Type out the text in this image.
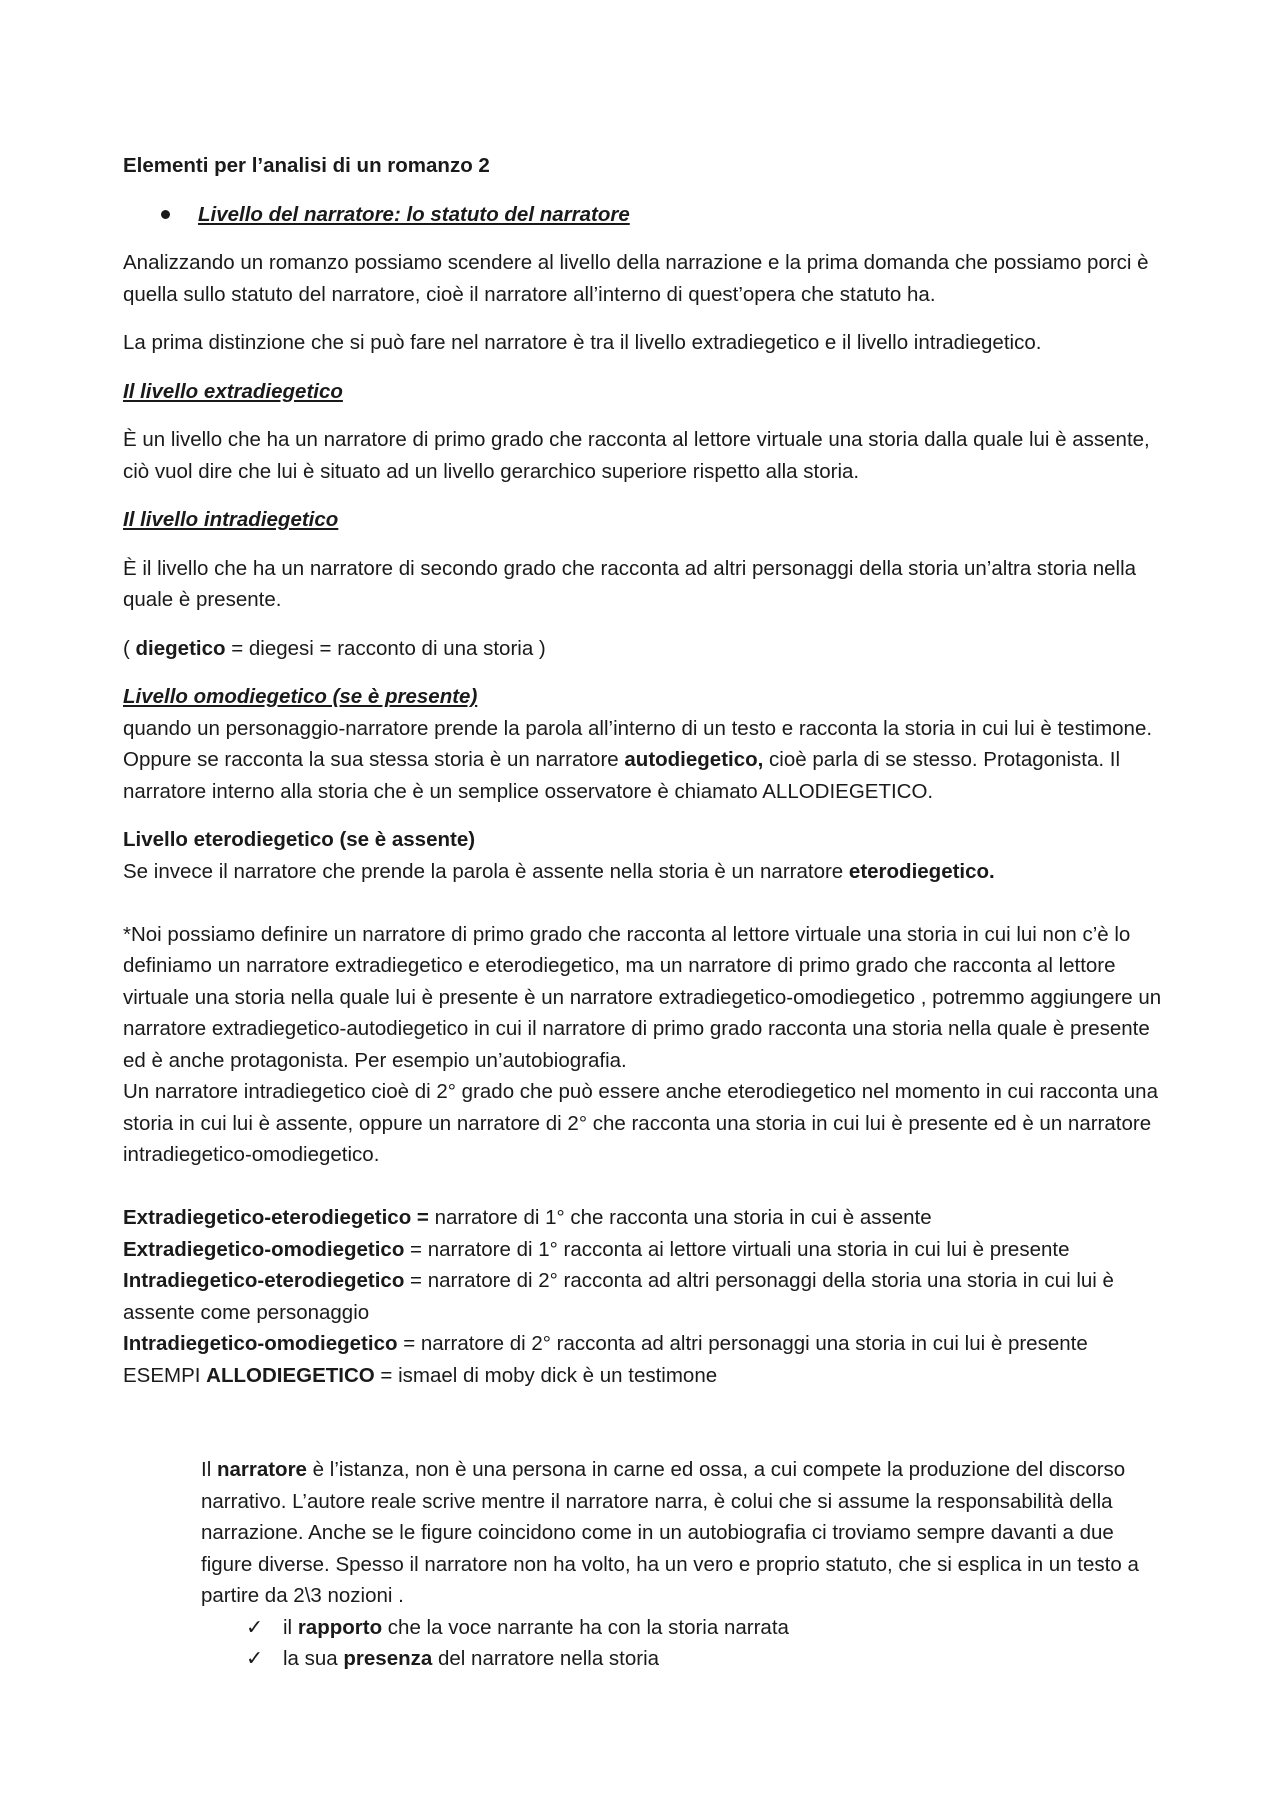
Elementi per l’analisi di un romanzo 2

Livello del narratore: lo statuto del narratore

Analizzando un romanzo possiamo scendere al livello della narrazione e la prima domanda che possiamo porci è quella sullo statuto del narratore, cioè il narratore all’interno di quest’opera che statuto ha.

La prima distinzione che si può fare nel narratore è tra il livello extradiegetico e il livello intradiegetico.

Il livello extradiegetico

È un livello che ha un narratore di primo grado che racconta al lettore virtuale una storia dalla quale lui è assente, ciò vuol dire che lui è situato ad un livello gerarchico superiore rispetto alla storia.

Il livello intradiegetico

È il livello che ha un narratore di secondo grado che racconta ad altri personaggi della storia un’altra storia nella quale è presente.

( diegetico = diegesi = racconto di una storia )

Livello omodiegetico (se è presente)

quando un personaggio-narratore prende la parola all’interno di un testo e racconta la storia in cui lui è testimone. Oppure se racconta la sua stessa storia è un narratore autodiegetico, cioè parla di se stesso. Protagonista. Il narratore interno alla storia che è un semplice osservatore è chiamato ALLODIEGETICO.

Livello eterodiegetico (se è assente)

Se invece il narratore che prende la parola è assente nella storia è un narratore eterodiegetico.

*Noi possiamo definire un narratore di primo grado che racconta al lettore virtuale una storia in cui lui non c’è lo definiamo un narratore extradiegetico e eterodiegetico, ma un narratore di primo grado che racconta al lettore virtuale una storia nella quale lui è presente è un narratore extradiegetico-omodiegetico , potremmo aggiungere un narratore extradiegetico-autodiegetico in cui il narratore di primo grado racconta una storia nella quale è presente ed è anche protagonista. Per esempio un’autobiografia.

Un narratore intradiegetico cioè di 2° grado che può essere anche eterodiegetico nel momento in cui racconta una storia in cui lui è assente, oppure un narratore di 2° che racconta una storia in cui lui è presente ed è un narratore intradiegetico-omodiegetico.

Extradiegetico-eterodiegetico = narratore di 1° che racconta una storia in cui è assente

Extradiegetico-omodiegetico = narratore di 1° racconta ai lettore virtuali una storia in cui lui è presente

Intradiegetico-eterodiegetico = narratore di 2° racconta ad altri personaggi della storia una storia in cui lui è assente come personaggio

Intradiegetico-omodiegetico = narratore di 2° racconta ad altri personaggi una storia in cui lui è presente

ESEMPI ALLODIEGETICO = ismael di moby dick è un testimone

Il narratore è l’istanza, non è una persona in carne ed ossa, a cui compete la produzione del discorso narrativo. L’autore reale scrive mentre il narratore narra, è colui che si assume la responsabilità della narrazione. Anche se le figure coincidono come in un autobiografia ci troviamo sempre davanti a due figure diverse. Spesso il narratore non ha volto, ha un vero e proprio statuto, che si esplica in un testo a partire da 2\3 nozioni .

✓ il rapporto che la voce narrante ha con la storia narrata
✓ la sua presenza del narratore nella storia
